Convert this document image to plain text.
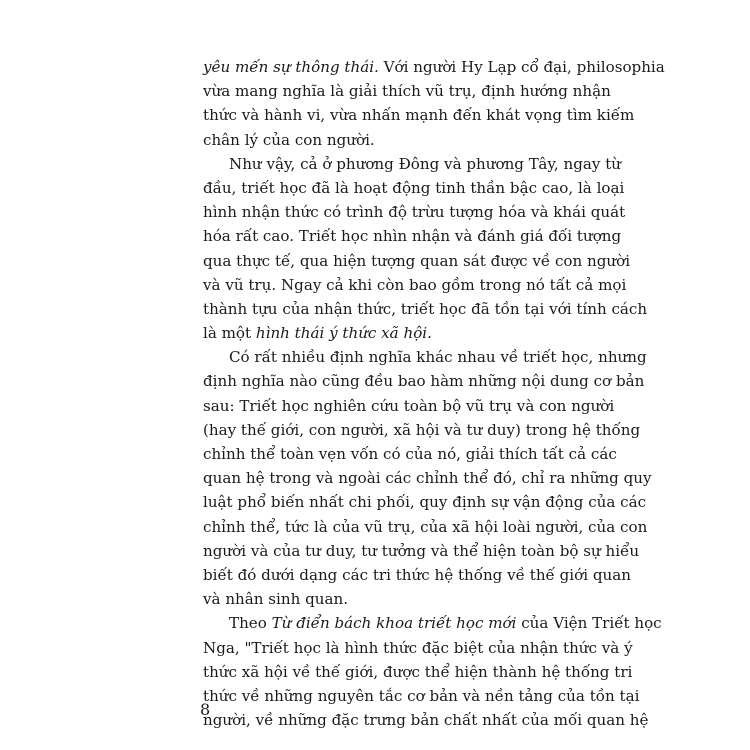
yêu mến sự thông thái. Với người Hy Lạp cổ đại, philosophia
vừa mang nghĩa là giải thích vũ trụ, định hướng nhận
thức và hành vi, vừa nhấn mạnh đến khát vọng tìm kiếm
chân lý của con người.
Như vậy, cả ở phương Đông và phương Tây, ngay từ
đầu, triết học đã là hoạt động tinh thần bậc cao, là loại
hình nhận thức có trình độ trừu tượng hóa và khái quát
hóa rất cao. Triết học nhìn nhận và đánh giá đối tượng
qua thực tế, qua hiện tượng quan sát được về con người
và vũ trụ. Ngay cả khi còn bao gồm trong nó tất cả mọi
thành tựu của nhận thức, triết học đã tồn tại với tính cách
là một hình thái ý thức xã hội.
Có rất nhiều định nghĩa khác nhau về triết học, nhưng
định nghĩa nào cũng đều bao hàm những nội dung cơ bản
sau: Triết học nghiên cứu toàn bộ vũ trụ và con người
(hay thế giới, con người, xã hội và tư duy) trong hệ thống
chỉnh thể toàn vẹn vốn có của nó, giải thích tất cả các
quan hệ trong và ngoài các chỉnh thể đó, chỉ ra những quy
luật phổ biến nhất chi phối, quy định sự vận động của các
chỉnh thể, tức là của vũ trụ, của xã hội loài người, của con
người và của tư duy, tư tưởng và thể hiện toàn bộ sự hiểu
biết đó dưới dạng các tri thức hệ thống về thế giới quan
và nhân sinh quan.
Theo Từ điển bách khoa triết học mới của Viện Triết học
Nga, "Triết học là hình thức đặc biệt của nhận thức và ý
thức xã hội về thế giới, được thể hiện thành hệ thống tri
thức về những nguyên tắc cơ bản và nền tảng của tồn tại
người, về những đặc trưng bản chất nhất của mối quan hệ
8
